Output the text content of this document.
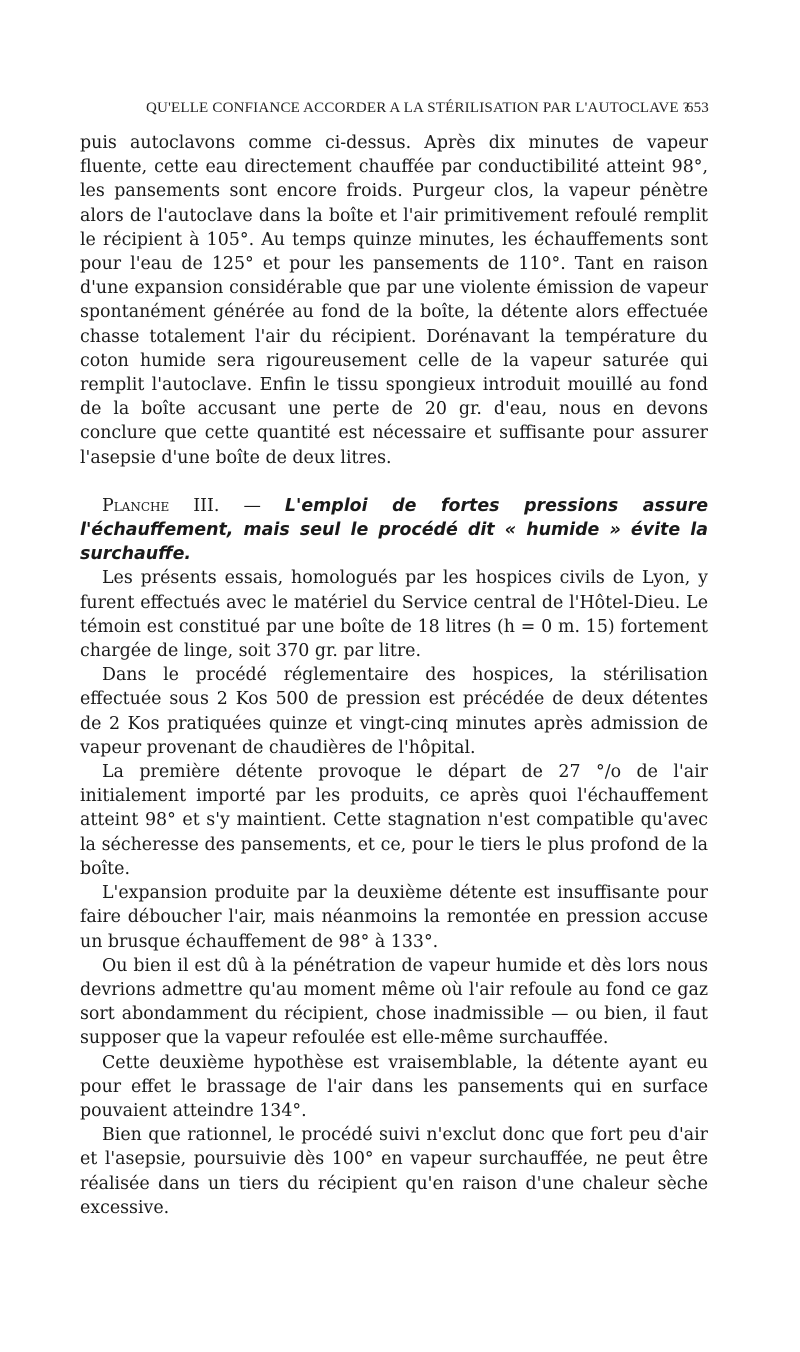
QU'ELLE CONFIANCE ACCORDER A LA STÉRILISATION PAR L'AUTOCLAVE ?
653

puis autoclavons comme ci-dessus. Après dix minutes de vapeur fluente, cette eau directement chauffée par conductibilité atteint 98°, les pansements sont encore froids. Purgeur clos, la vapeur pénètre alors de l'autoclave dans la boîte et l'air primitivement refoulé remplit le récipient à 105°. Au temps quinze minutes, les échauffements sont pour l'eau de 125° et pour les pansements de 110°. Tant en raison d'une expansion considérable que par une violente émission de vapeur spontanément générée au fond de la boîte, la détente alors effectuée chasse totalement l'air du récipient. Dorénavant la température du coton humide sera rigoureusement celle de la vapeur saturée qui remplit l'autoclave. Enfin le tissu spongieux introduit mouillé au fond de la boîte accusant une perte de 20 gr. d'eau, nous en devons conclure que cette quantité est nécessaire et suffisante pour assurer l'asepsie d'une boîte de deux litres.

Planche III. — L'emploi de fortes pressions assure l'échauffement, mais seul le procédé dit « humide » évite la surchauffe.

Les présents essais, homologués par les hospices civils de Lyon, y furent effectués avec le matériel du Service central de l'Hôtel-Dieu. Le témoin est constitué par une boîte de 18 litres (h = 0 m. 15) fortement chargée de linge, soit 370 gr. par litre.

Dans le procédé réglementaire des hospices, la stérilisation effectuée sous 2 Kos 500 de pression est précédée de deux détentes de 2 Kos pratiquées quinze et vingt-cinq minutes après admission de vapeur provenant de chaudières de l'hôpital.

La première détente provoque le départ de 27 °/o de l'air initialement importé par les produits, ce après quoi l'échauffement atteint 98° et s'y maintient. Cette stagnation n'est compatible qu'avec la sécheresse des pansements, et ce, pour le tiers le plus profond de la boîte.

L'expansion produite par la deuxième détente est insuffisante pour faire déboucher l'air, mais néanmoins la remontée en pression accuse un brusque échauffement de 98° à 133°.

Ou bien il est dû à la pénétration de vapeur humide et dès lors nous devrions admettre qu'au moment même où l'air refoule au fond ce gaz sort abondamment du récipient, chose inadmissible — ou bien, il faut supposer que la vapeur refoulée est elle-même surchauffée.

Cette deuxième hypothèse est vraisemblable, la détente ayant eu pour effet le brassage de l'air dans les pansements qui en surface pouvaient atteindre 134°.

Bien que rationnel, le procédé suivi n'exclut donc que fort peu d'air et l'asepsie, poursuivie dès 100° en vapeur surchauffée, ne peut être réalisée dans un tiers du récipient qu'en raison d'une chaleur sèche excessive.
